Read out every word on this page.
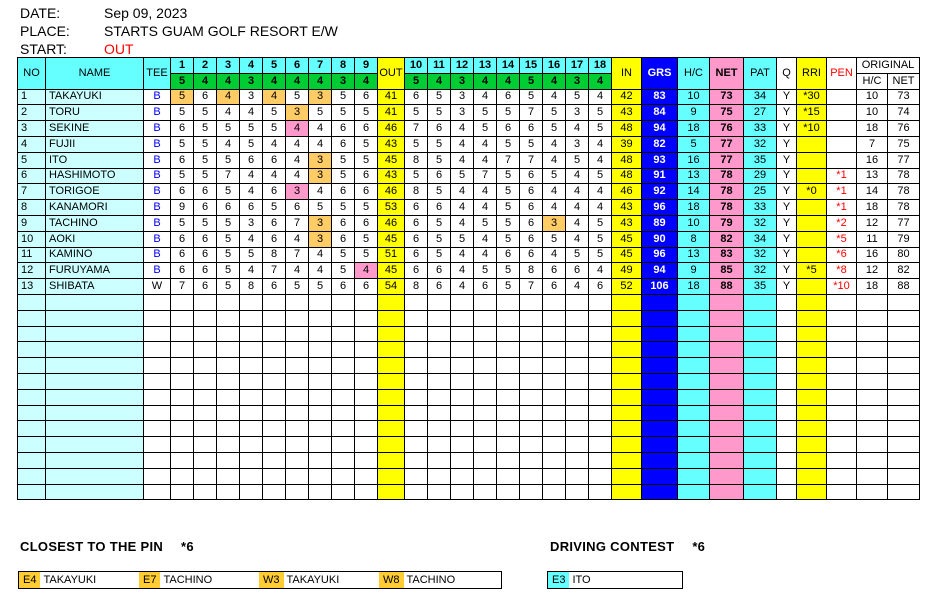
DATE:	Sep 09, 2023
PLACE:	STARTS GUAM GOLF RESORT E/W
START:	OUT
NO	NAME	TEE	1	2	3	4	5	6	7	8	9	OUT	10	11	12	13	14	15	16	17	18	IN	GRS	H/C	NET	PAT	Q	RRI	PEN	ORIGINAL	
			5	4	4	3	4	4	4	3	4		5	4	3	4	4	5	4	3	4									H/C	NET
1	TAKAYUKI	B	5	6	4	3	4	5	3	5	6	41	6	5	3	4	6	5	4	5	4	42	83	10	73	34	Y	*30		10	73
2	TORU	B	5	5	4	4	5	3	5	5	5	41	5	5	3	5	5	7	5	3	5	43	84	9	75	27	Y	*15		10	74
3	SEKINE	B	6	5	5	5	5	4	4	6	6	46	7	6	4	5	6	6	5	4	5	48	94	18	76	33	Y	*10		18	76
4	FUJII	B	5	5	4	5	4	4	4	6	5	43	5	5	4	4	5	5	4	3	4	39	82	5	77	32	Y			7	75
5	ITO	B	6	5	5	6	6	4	3	5	5	45	8	5	4	4	7	7	4	5	4	48	93	16	77	35	Y			16	77
6	HASHIMOTO	B	5	5	7	4	4	4	3	5	6	43	5	6	5	7	5	6	5	4	5	48	91	13	78	29	Y		*1	13	78
7	TORIGOE	B	6	6	5	4	6	3	4	6	6	46	8	5	4	4	5	6	4	4	4	46	92	14	78	25	Y	*0	*1	14	78
8	KANAMORI	B	9	6	6	6	5	6	5	5	5	53	6	6	4	4	5	6	4	4	4	43	96	18	78	33	Y		*1	18	78
9	TACHINO	B	5	5	5	3	6	7	3	6	6	46	6	5	4	5	5	6	3	4	5	43	89	10	79	32	Y		*2	12	77
10	AOKI	B	6	6	5	4	6	4	3	6	5	45	6	5	5	4	5	6	5	4	5	45	90	8	82	34	Y		*5	11	79
11	KAMINO	B	6	6	5	5	8	7	4	5	5	51	6	5	4	4	6	6	4	5	5	45	96	13	83	32	Y		*6	16	80
12	FURUYAMA	B	6	6	5	4	7	4	4	5	4	45	6	6	4	5	5	8	6	6	4	49	94	9	85	32	Y	*5	*8	12	82
13	SHIBATA	W	7	6	5	8	6	5	5	6	6	54	8	6	4	6	5	7	6	4	6	52	106	18	88	35	Y		*10	18	88

CLOSEST TO THE PIN *6	DRIVING CONTEST *6
E4 TAKAYUKI	E7 TACHINO	W3 TAKAYUKI	W8 TACHINO	E3 ITO
